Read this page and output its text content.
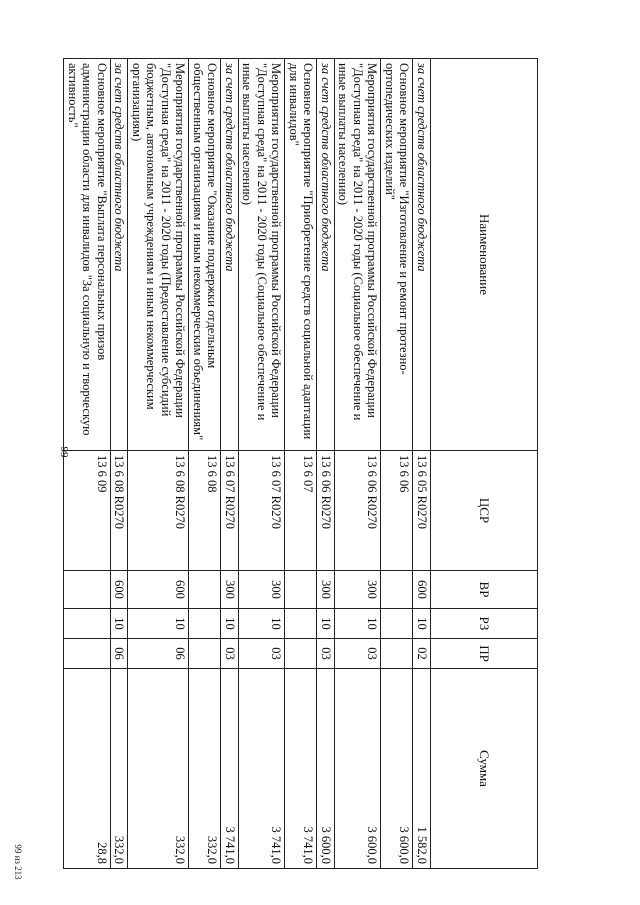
99
Наименование	ЦСР	ВР	РЗ	ПР	Сумма
за счет средств областного бюджета	13 6 05 R0270	600	10	02	1 582,0
Основное мероприятие "Изготовление и ремонт протезно-ортопедических изделий"	13 6 06				3 600,0
Мероприятия государственной программы Российской Федерации "Доступная среда" на 2011 - 2020 годы (Социальное обеспечение и иные выплаты населению)	13 6 06 R0270	300	10	03	3 600,0
за счет средств областного бюджета	13 6 06 R0270	300	10	03	3 600,0
Основное мероприятие "Приобретение средств социальной адаптации для инвалидов"	13 6 07				3 741,0
Мероприятия государственной программы Российской Федерации "Доступная среда" на 2011 - 2020 годы (Социальное обеспечение и иные выплаты населению)	13 6 07 R0270	300	10	03	3 741,0
за счет средств областного бюджета	13 6 07 R0270	300	10	03	3 741,0
Основное мероприятие "Оказание поддержки отдельным общественным организациям и иным некоммерческим объединениям"	13 6 08				332,0
Мероприятия государственной программы Российской Федерации "Доступная среда" на 2011 - 2020 годы (Предоставление субсидий бюджетным, автономным учреждениям и иным некоммерческим организациям)	13 6 08 R0270	600	10	06	332,0
за счет средств областного бюджета	13 6 08 R0270	600	10	06	332,0
Основное мероприятие "Выплата персональных призов администрации области для инвалидов "За социальную и творческую активность"	13 6 09				28,8
99 из 213
